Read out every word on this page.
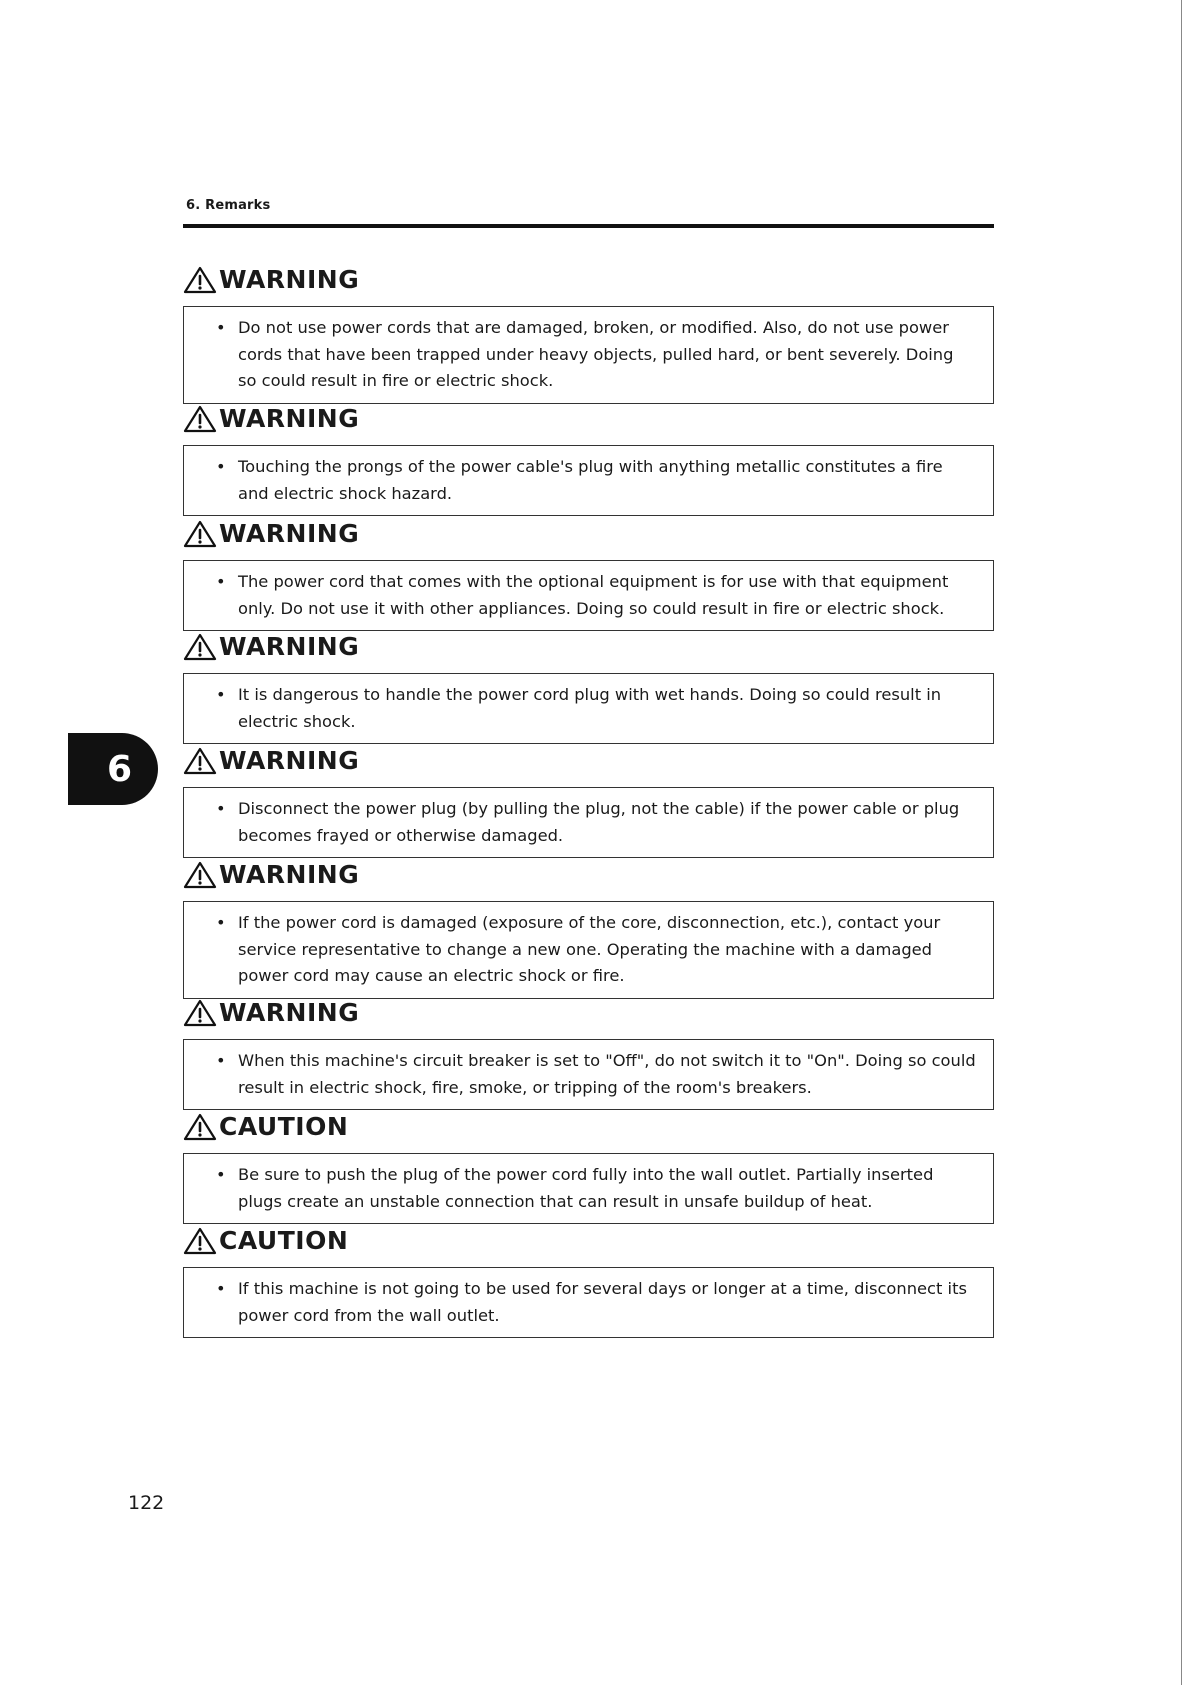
6. Remarks
WARNING
• Do not use power cords that are damaged, broken, or modified. Also, do not use power cords that have been trapped under heavy objects, pulled hard, or bent severely. Doing so could result in fire or electric shock.
WARNING
• Touching the prongs of the power cable's plug with anything metallic constitutes a fire and electric shock hazard.
WARNING
• The power cord that comes with the optional equipment is for use with that equipment only. Do not use it with other appliances. Doing so could result in fire or electric shock.
WARNING
• It is dangerous to handle the power cord plug with wet hands. Doing so could result in electric shock.
WARNING
• Disconnect the power plug (by pulling the plug, not the cable) if the power cable or plug becomes frayed or otherwise damaged.
WARNING
• If the power cord is damaged (exposure of the core, disconnection, etc.), contact your service representative to change a new one. Operating the machine with a damaged power cord may cause an electric shock or fire.
WARNING
• When this machine's circuit breaker is set to "Off", do not switch it to "On". Doing so could result in electric shock, fire, smoke, or tripping of the room's breakers.
CAUTION
• Be sure to push the plug of the power cord fully into the wall outlet. Partially inserted plugs create an unstable connection that can result in unsafe buildup of heat.
CAUTION
• If this machine is not going to be used for several days or longer at a time, disconnect its power cord from the wall outlet.
6
122
